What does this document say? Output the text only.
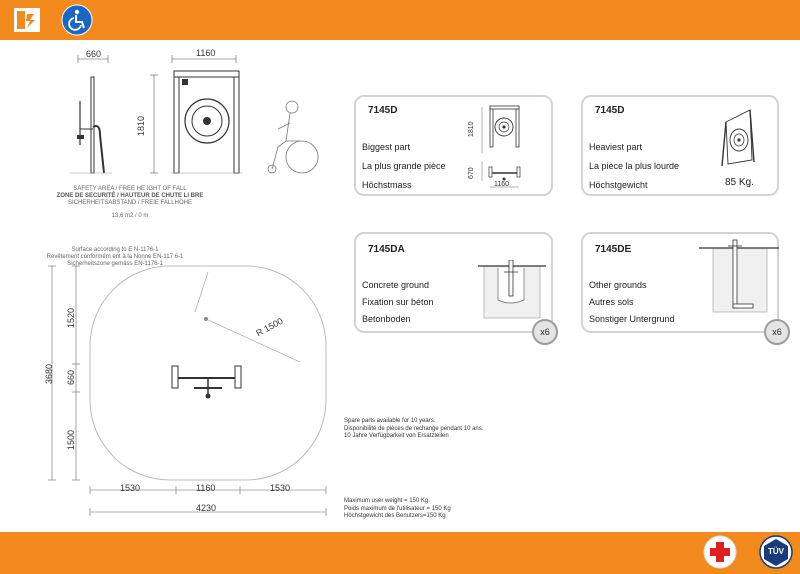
660	1160
1810
SAFETY AREA / FREE HE IGHT OF FALL
ZONE DE SECURITÉ / HAUTEUR DE CHUTE LI BRE
SICHERHEITSABSTAND / FREIE FALLHÖHE
13,6 m2 / 0 m
Surface according to E N-1176-1
Revêtement conformém ent à la Nonne EN-117 6-1
Sicherheitszone gemäss EN-1176-1
R 1500
3680
1520
660
1500
1530	1160	1530
4230
7145D
Biggest part
La plus grande pièce
Höchstmass
1810
670
1160
7145D
Heaviest part
La pièce la plus lourde
Höchstgewicht	85 Kg.
7145DA
Concrete ground
Fixation sur béton
Betonboden
x6
7145DE
Other grounds
Autres sols
Sonstiger Untergrund
x6
Spare parts available for 10 years.
Disponibilité de pièces de rechange pendant 10 ans.
10 Jahre Verfügbarkeit von Ersatzteilen
Maximum user weight = 150 Kg.
Poids maximum de l'utilisateur = 150 Kg
Höchstgewicht des Benutzers=150 Kg
TÜV
